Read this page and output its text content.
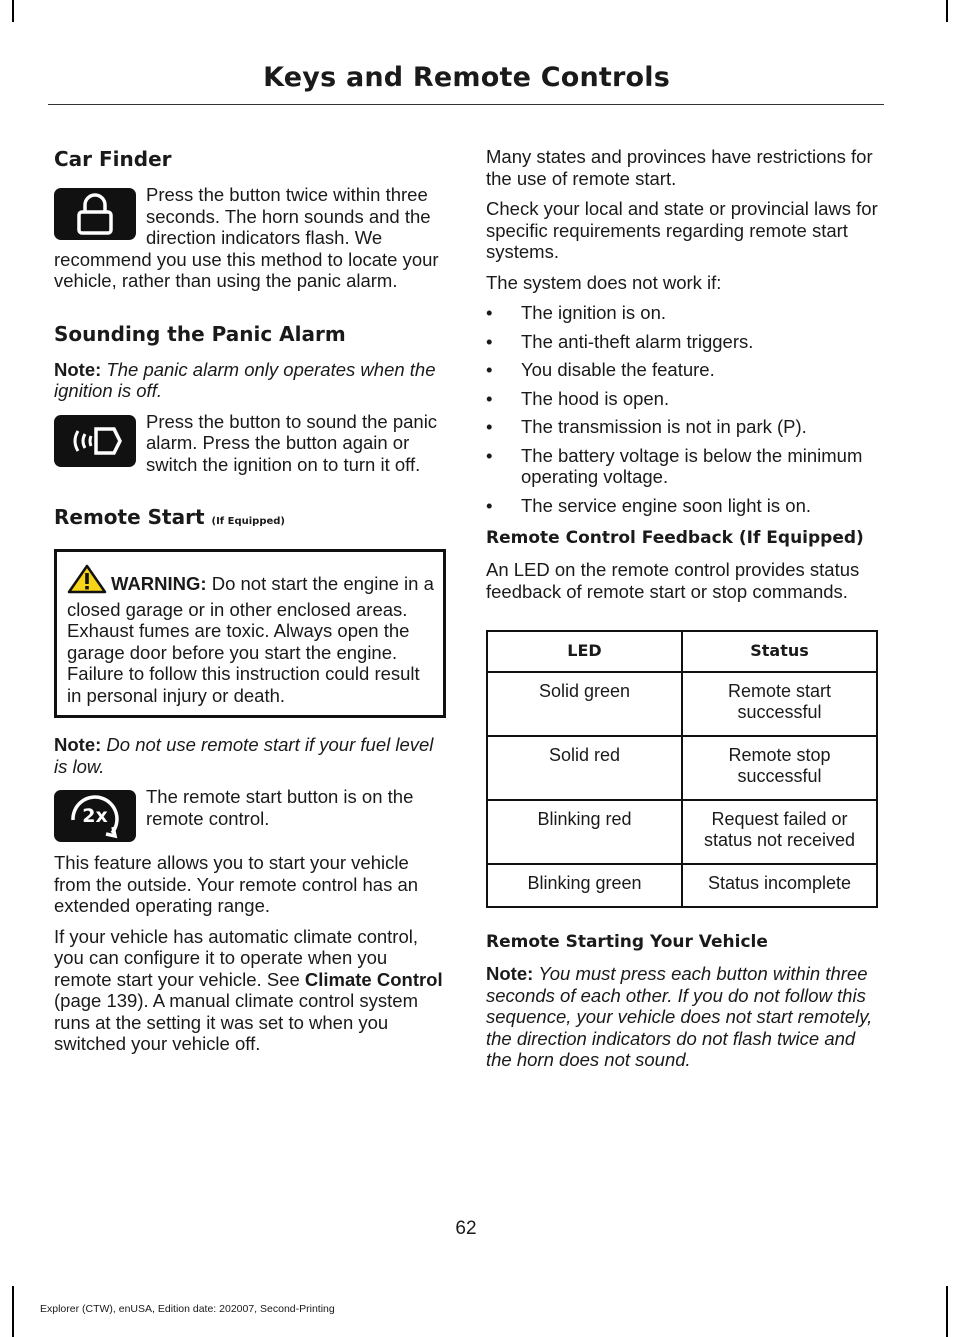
Keys and Remote Controls
Car Finder

Press the button twice within three seconds. The horn sounds and the direction indicators flash. We recommend you use this method to locate your vehicle, rather than using the panic alarm.

Sounding the Panic Alarm

Note: The panic alarm only operates when the ignition is off.

Press the button to sound the panic alarm. Press the button again or switch the ignition on to turn it off.

Remote Start (If Equipped)
WARNING: Do not start the engine in a closed garage or in other enclosed areas. Exhaust fumes are toxic. Always open the garage door before you start the engine. Failure to follow this instruction could result in personal injury or death.

Note: Do not use remote start if your fuel level is low.

2x

The remote start button is on the remote control.

This feature allows you to start your vehicle from the outside. Your remote control has an extended operating range.

If your vehicle has automatic climate control, you can configure it to operate when you remote start your vehicle. See Climate Control (page 139). A manual climate control system runs at the setting it was set to when you switched your vehicle off.

Many states and provinces have restrictions for the use of remote start.

Check your local and state or provincial laws for specific requirements regarding remote start systems.

The system does not work if:

• The ignition is on.
• The anti-theft alarm triggers.
• You disable the feature.
• The hood is open.
• The transmission is not in park (P).
• The battery voltage is below the minimum operating voltage.
• The service engine soon light is on.
Remote Control Feedback (If Equipped)

An LED on the remote control provides status feedback of remote start or stop commands.

LED	Status
Solid green	Remote start successful
Solid red	Remote stop successful
Blinking red	Request failed or status not received
Blinking green	Status incomplete
Remote Starting Your Vehicle

Note: You must press each button within three seconds of each other. If you do not follow this sequence, your vehicle does not start remotely, the direction indicators do not flash twice and the horn does not sound.

62
Explorer (CTW), enUSA, Edition date: 202007, Second-Printing
